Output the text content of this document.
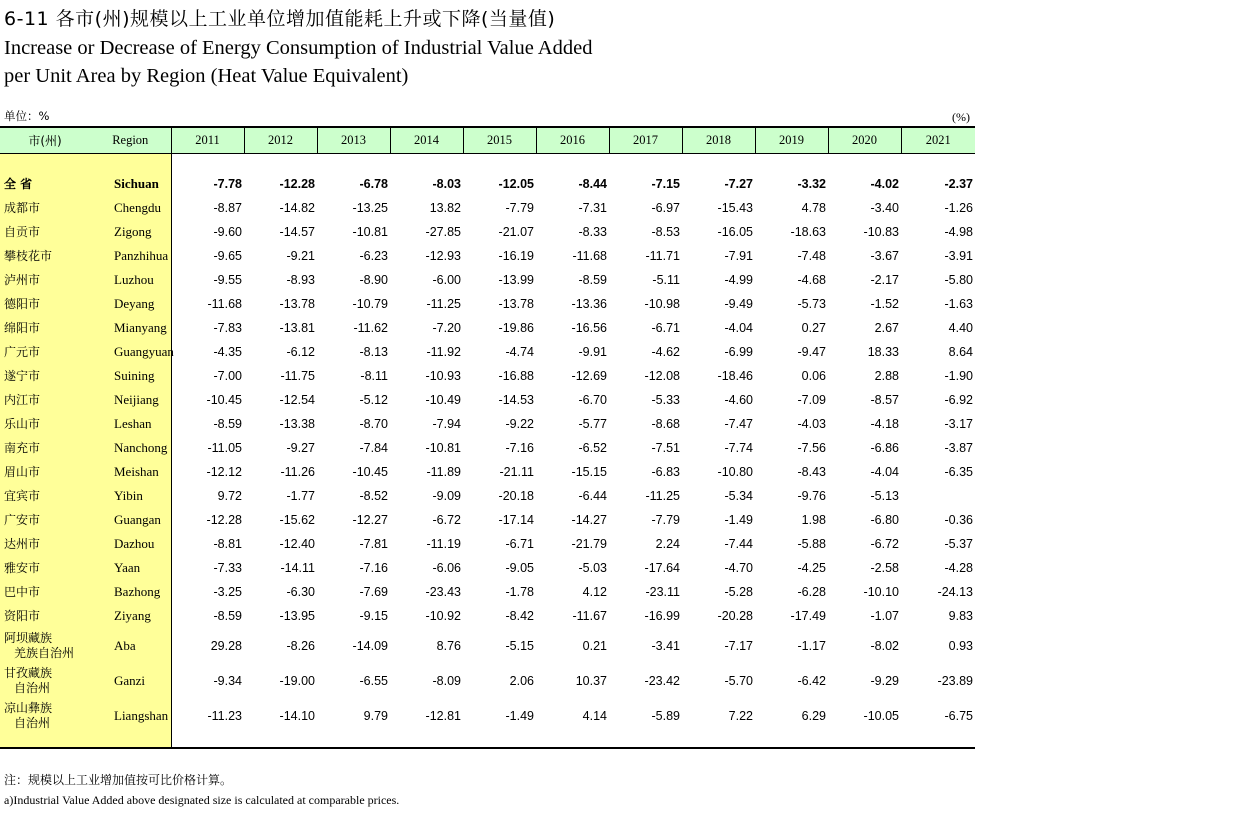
6-11 各市(州)规模以上工业单位增加值能耗上升或下降(当量值)
Increase or Decrease of Energy Consumption of Industrial Value Added
per Unit Area by Region (Heat Value Equivalent)
单位：%	(%)
市(州)	Region	2011	2012	2013	2014	2015	2016	2017	2018	2019	2020	2021

全 省	Sichuan	-7.78	-12.28	-6.78	-8.03	-12.05	-8.44	-7.15	-7.27	-3.32	-4.02	-2.37

成都市	Chengdu	-8.87	-14.82	-13.25	13.82	-7.79	-7.31	-6.97	-15.43	4.78	-3.40	-1.26

自贡市	Zigong	-9.60	-14.57	-10.81	-27.85	-21.07	-8.33	-8.53	-16.05	-18.63	-10.83	-4.98

攀枝花市	Panzhihua	-9.65	-9.21	-6.23	-12.93	-16.19	-11.68	-11.71	-7.91	-7.48	-3.67	-3.91

泸州市	Luzhou	-9.55	-8.93	-8.90	-6.00	-13.99	-8.59	-5.11	-4.99	-4.68	-2.17	-5.80

德阳市	Deyang	-11.68	-13.78	-10.79	-11.25	-13.78	-13.36	-10.98	-9.49	-5.73	-1.52	-1.63

绵阳市	Mianyang	-7.83	-13.81	-11.62	-7.20	-19.86	-16.56	-6.71	-4.04	0.27	2.67	4.40

广元市	Guangyuan	-4.35	-6.12	-8.13	-11.92	-4.74	-9.91	-4.62	-6.99	-9.47	18.33	8.64

遂宁市	Suining	-7.00	-11.75	-8.11	-10.93	-16.88	-12.69	-12.08	-18.46	0.06	2.88	-1.90

内江市	Neijiang	-10.45	-12.54	-5.12	-10.49	-14.53	-6.70	-5.33	-4.60	-7.09	-8.57	-6.92

乐山市	Leshan	-8.59	-13.38	-8.70	-7.94	-9.22	-5.77	-8.68	-7.47	-4.03	-4.18	-3.17

南充市	Nanchong	-11.05	-9.27	-7.84	-10.81	-7.16	-6.52	-7.51	-7.74	-7.56	-6.86	-3.87

眉山市	Meishan	-12.12	-11.26	-10.45	-11.89	-21.11	-15.15	-6.83	-10.80	-8.43	-4.04	-6.35

宜宾市	Yibin	9.72	-1.77	-8.52	-9.09	-20.18	-6.44	-11.25	-5.34	-9.76	-5.13	

广安市	Guangan	-12.28	-15.62	-12.27	-6.72	-17.14	-14.27	-7.79	-1.49	1.98	-6.80	-0.36

达州市	Dazhou	-8.81	-12.40	-7.81	-11.19	-6.71	-21.79	2.24	-7.44	-5.88	-6.72	-5.37

雅安市	Yaan	-7.33	-14.11	-7.16	-6.06	-9.05	-5.03	-17.64	-4.70	-4.25	-2.58	-4.28

巴中市	Bazhong	-3.25	-6.30	-7.69	-23.43	-1.78	4.12	-23.11	-5.28	-6.28	-10.10	-24.13

资阳市	Ziyang	-8.59	-13.95	-9.15	-10.92	-8.42	-11.67	-16.99	-20.28	-17.49	-1.07	9.83

阿坝藏族
羌族自治州	Aba	29.28	-8.26	-14.09	8.76	-5.15	0.21	-3.41	-7.17	-1.17	-8.02	0.93

甘孜藏族
自治州	Ganzi	-9.34	-19.00	-6.55	-8.09	2.06	10.37	-23.42	-5.70	-6.42	-9.29	-23.89

凉山彝族
自治州	Liangshan	-11.23	-14.10	9.79	-12.81	-1.49	4.14	-5.89	7.22	6.29	-10.05	-6.75

注：规模以上工业增加值按可比价格计算。
a)Industrial Value Added above designated size is calculated at comparable prices.
